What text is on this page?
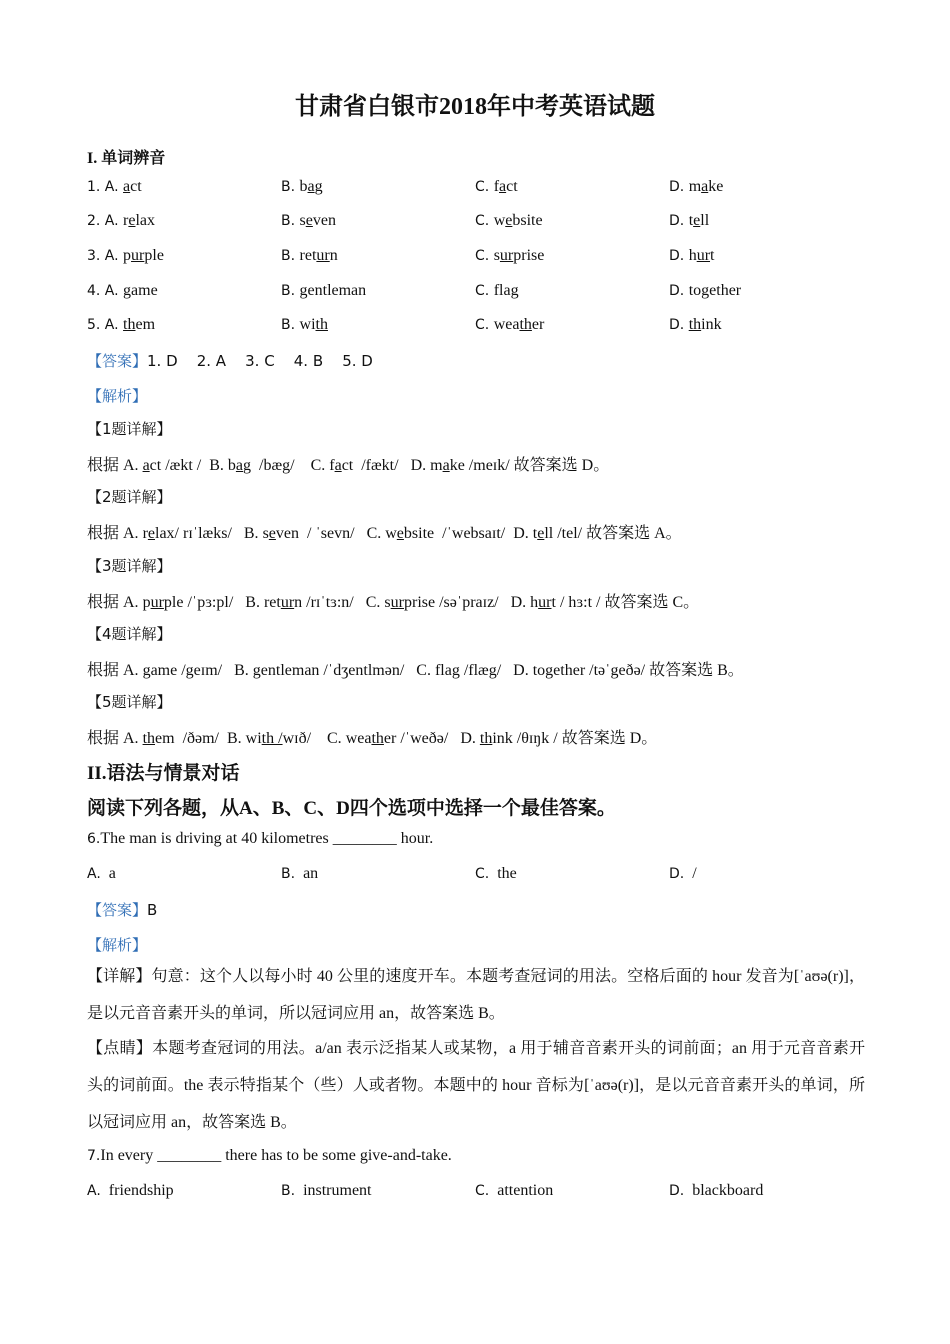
甘肃省白银市2018年中考英语试题
I. 单词辨音
1. A. act	B. bag	C. fact	D. make
2. A. relax	B. seven	C. website	D. tell
3. A. purple	B. return	C. surprise	D. hurt
4. A. game	B. gentleman	C. flag	D. together
5. A. them	B. with	C. weather	D. think
【答案】1. D    2. A    3. C    4. B    5. D
【解析】
【1题详解】
根据 A. act /ækt /  B. bag  /bæg/    C. fact  /fækt/   D. make /meɪk/ 故答案选 D。
【2题详解】
根据 A. relax/ rɪˈlæks/   B. seven  / ˈsevn/   C. website  /ˈwebsaɪt/  D. tell /tel/ 故答案选 A。
【3题详解】
根据 A. purple /ˈpɜ:pl/   B. return /rɪˈtɜ:n/   C. surprise /səˈpraɪz/   D. hurt / hɜ:t / 故答案选 C。
【4题详解】
根据 A. game /geɪm/   B. gentleman /ˈdʒentlmən/   C. flag /flæg/   D. together /təˈgeðə/ 故答案选 B。
【5题详解】
根据 A. them  /ðəm/  B. with /wɪð/    C. weather /ˈweðə/   D. think /θɪŋk / 故答案选 D。
II.语法与情景对话
阅读下列各题，从A、B、C、D四个选项中选择一个最佳答案。
6.The man is driving at 40 kilometres ________ hour.
A. a	B. an	C. the	D. /
【答案】B
【解析】
【详解】句意：这个人以每小时 40 公里的速度开车。本题考查冠词的用法。空格后面的 hour 发音为[ˈaʊə(r)]，是以元音音素开头的单词，所以冠词应用 an，故答案选 B。
【点睛】本题考查冠词的用法。a/an 表示泛指某人或某物，a 用于辅音音素开头的词前面；an 用于元音音素开头的词前面。the 表示特指某个（些）人或者物。本题中的 hour 音标为[ˈaʊə(r)]，是以元音音素开头的单词，所以冠词应用 an，故答案选 B。
7.In every ________ there has to be some give-and-take.
A. friendship	B. instrument	C. attention	D. blackboard
